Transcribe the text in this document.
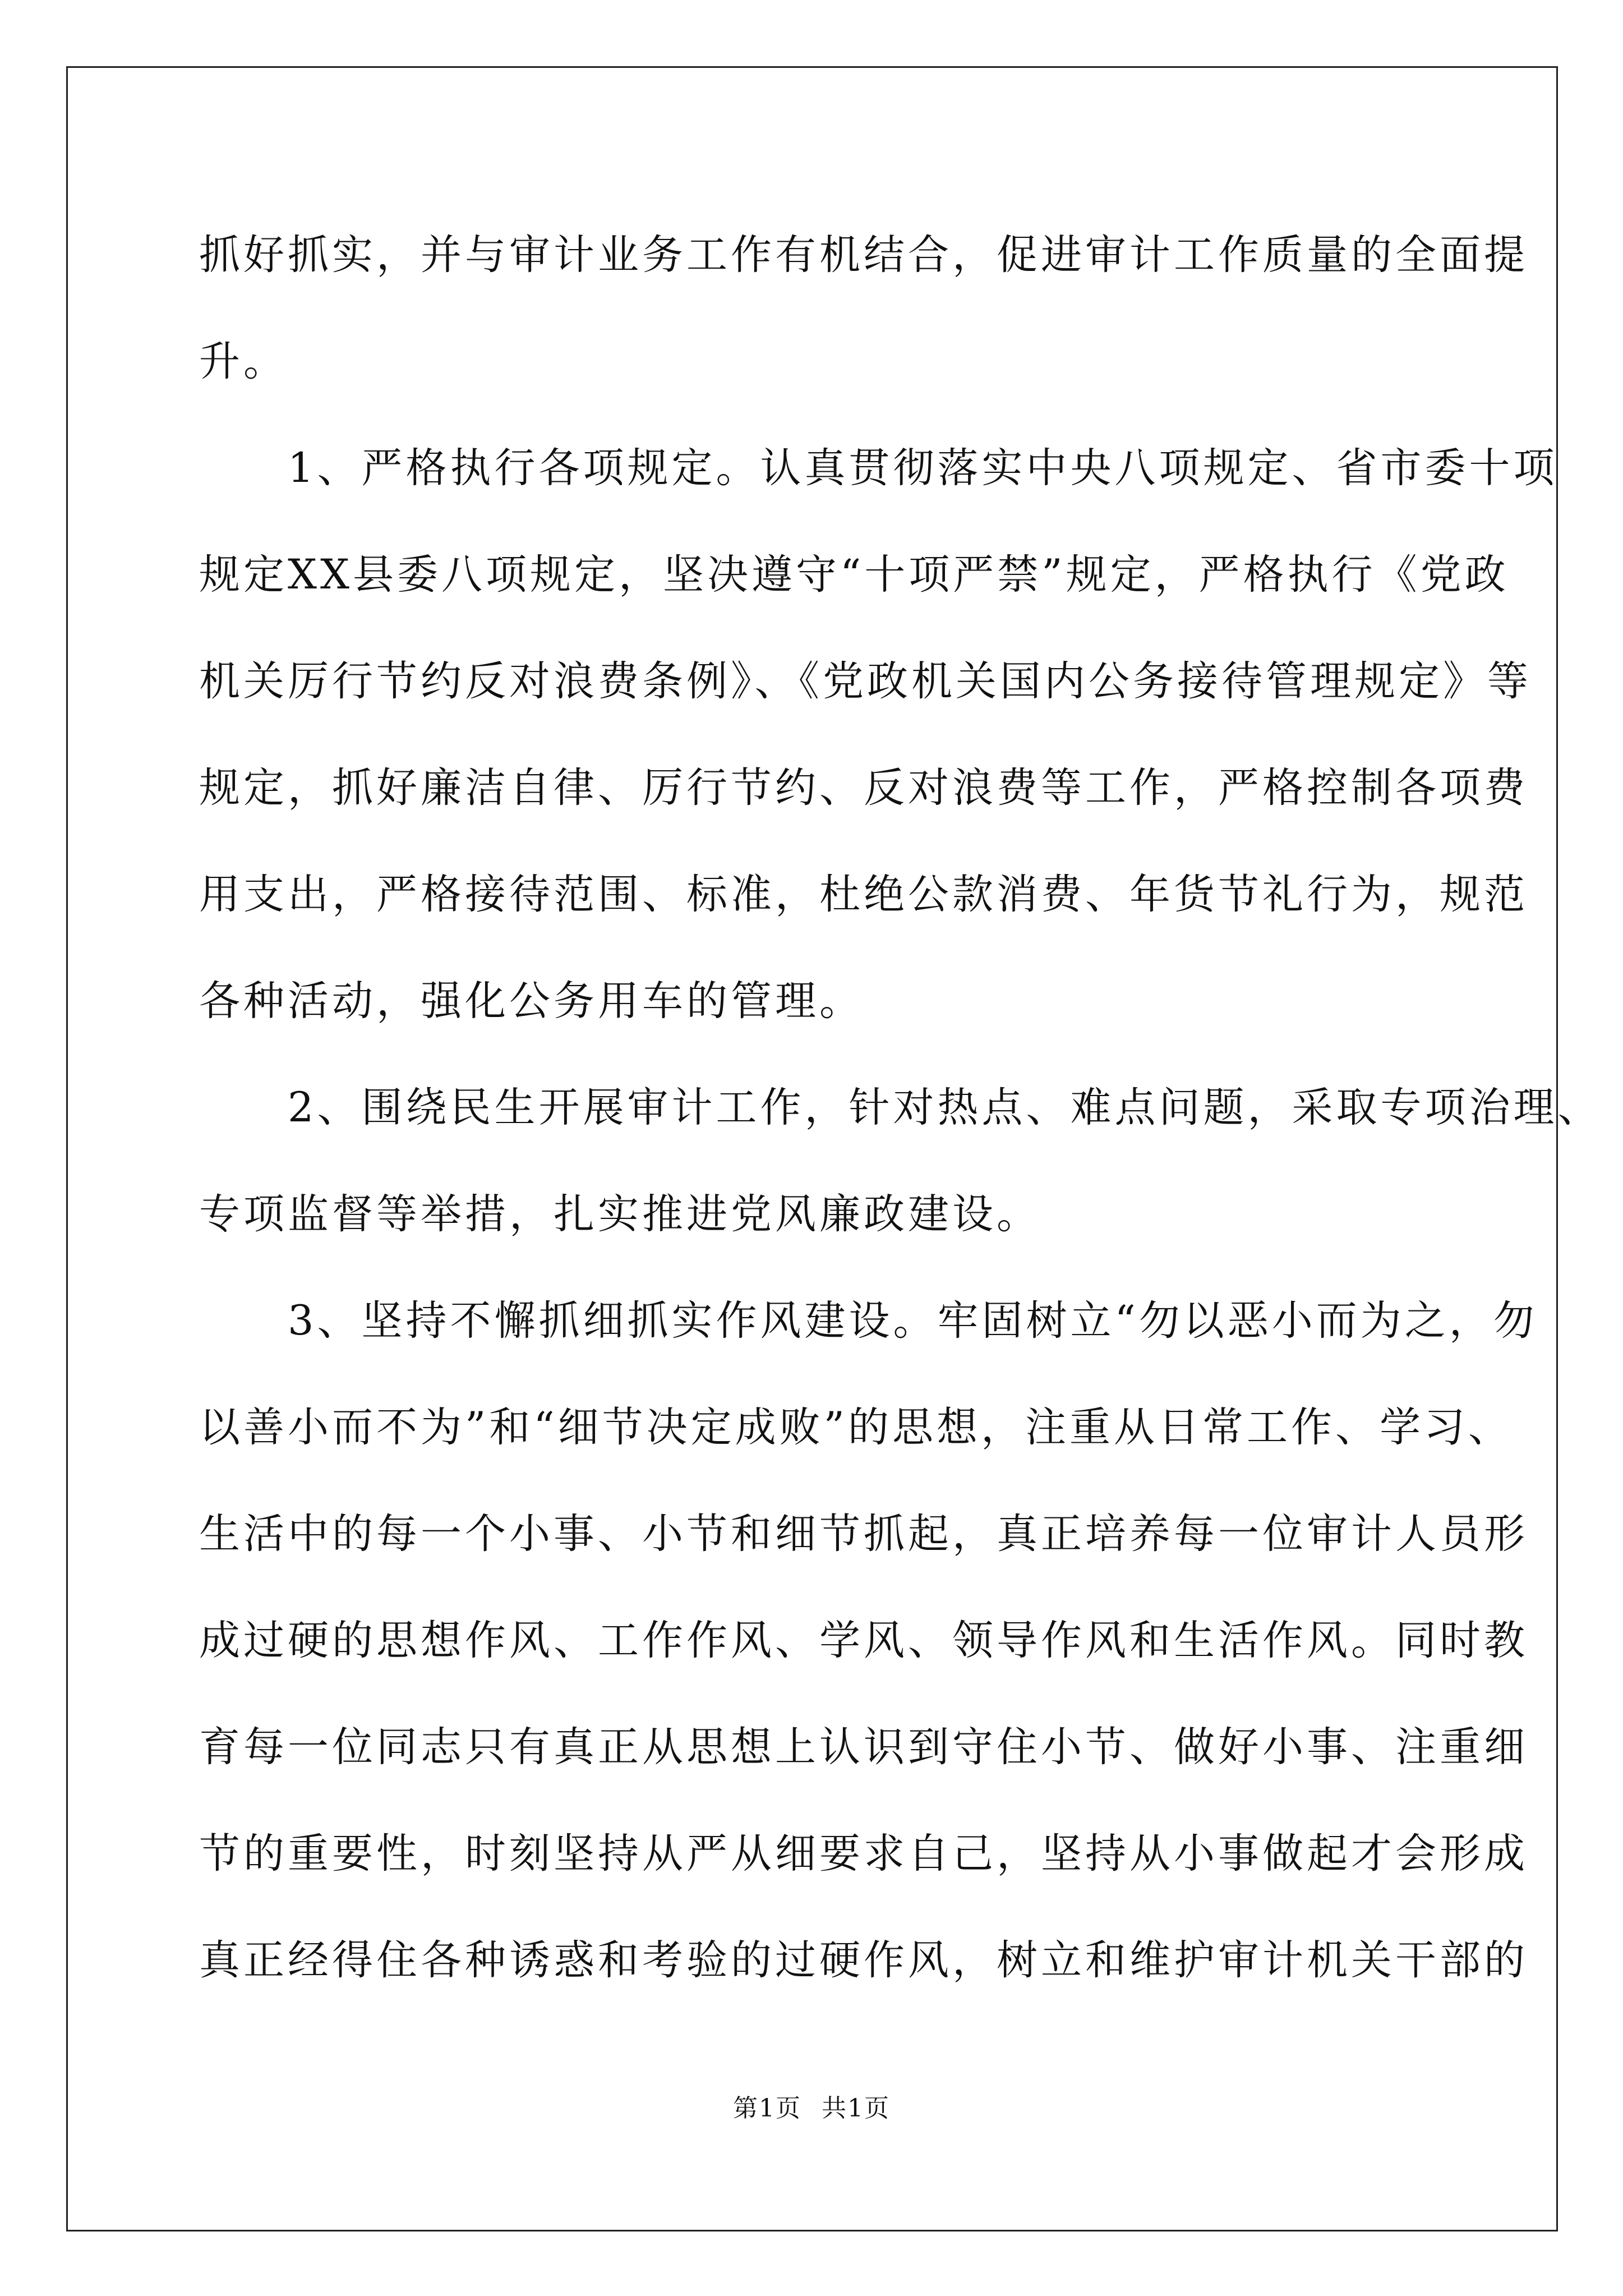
抓好抓实，并与审计业务工作有机结合，促进审计工作质量的全面提
升。
　　1、严格执行各项规定。认真贯彻落实中央八项规定、省市委十项
规定XX县委八项规定，坚决遵守“十项严禁”规定，严格执行《党政
机关厉行节约反对浪费条例》、《党政机关国内公务接待管理规定》等
规定，抓好廉洁自律、厉行节约、反对浪费等工作，严格控制各项费
用支出，严格接待范围、标准，杜绝公款消费、年货节礼行为，规范
各种活动，强化公务用车的管理。
　　2、围绕民生开展审计工作，针对热点、难点问题，采取专项治理、
专项监督等举措，扎实推进党风廉政建设。
　　3、坚持不懈抓细抓实作风建设。牢固树立“勿以恶小而为之，勿
以善小而不为”和“细节决定成败”的思想，注重从日常工作、学习、
生活中的每一个小事、小节和细节抓起，真正培养每一位审计人员形
成过硬的思想作风、工作作风、学风、领导作风和生活作风。同时教
育每一位同志只有真正从思想上认识到守住小节、做好小事、注重细
节的重要性，时刻坚持从严从细要求自己，坚持从小事做起才会形成
真正经得住各种诱惑和考验的过硬作风，树立和维护审计机关干部的
第1页 共1页
